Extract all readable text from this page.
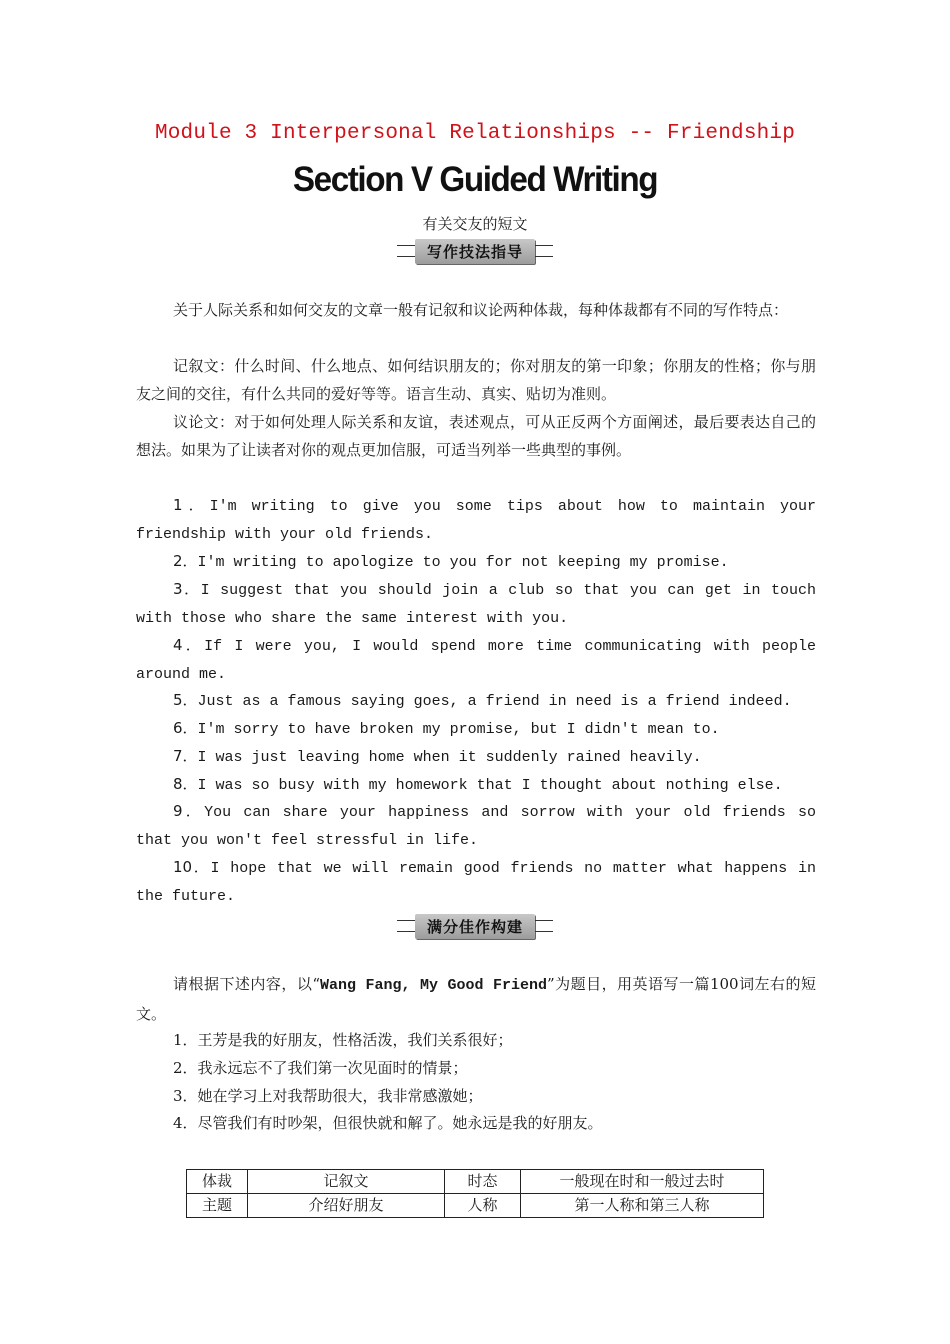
Module 3 Interpersonal Relationships -- Friendship
Section V Guided Writing
有关交友的短文
写作技法指导
关于人际关系和如何交友的文章一般有记叙和议论两种体裁，每种体裁都有不同的写作特点：
记叙文：什么时间、什么地点、如何结识朋友的；你对朋友的第一印象；你朋友的性格；你与朋友之间的交往，有什么共同的爱好等等。语言生动、真实、贴切为准则。
议论文：对于如何处理人际关系和友谊，表述观点，可从正反两个方面阐述，最后要表达自己的想法。如果为了让读者对你的观点更加信服，可适当列举一些典型的事例。
1．I'm writing to give you some tips about how to maintain your friendship with your old friends.
2．I'm writing to apologize to you for not keeping my promise.
3．I suggest that you should join a club so that you can get in touch with those who share the same interest with you.
4．If I were you, I would spend more time communicating with people around me.
5．Just as a famous saying goes, a friend in need is a friend indeed.
6．I'm sorry to have broken my promise, but I didn't mean to.
7．I was just leaving home when it suddenly rained heavily.
8．I was so busy with my homework that I thought about nothing else.
9．You can share your happiness and sorrow with your old friends so that you won't feel stressful in life.
10．I hope that we will remain good friends no matter what happens in the future.
满分佳作构建
请根据下述内容，以“Wang Fang, My Good Friend”为题目，用英语写一篇100词左右的短文。
1．王芳是我的好朋友，性格活泼，我们关系很好；
2．我永远忘不了我们第一次见面时的情景；
3．她在学习上对我帮助很大，我非常感激她；
4．尽管我们有时吵架，但很快就和解了。她永远是我的好朋友。
体裁	记叙文	时态	一般现在时和一般过去时
主题	介绍好朋友	人称	第一人称和第三人称
